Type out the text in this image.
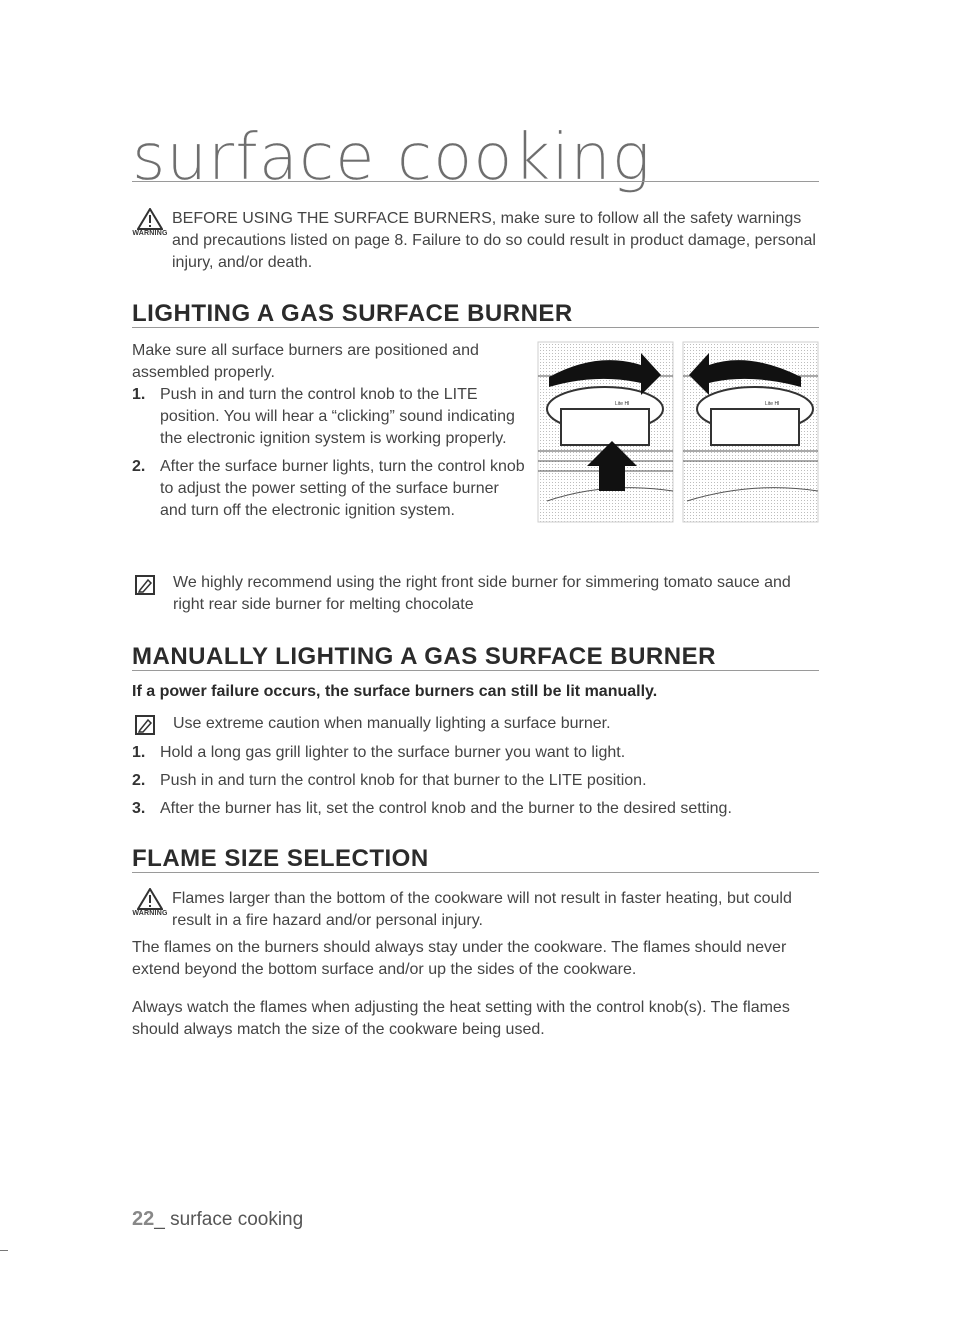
surface cooking
WARNING
BEFORE USING THE SURFACE BURNERS, make sure to follow all the safety warnings and precautions listed on page 8. Failure to do so could result in product damage, personal injury, and/or death.
LIGHTING A GAS SURFACE BURNER
Make sure all surface burners are positioned and assembled properly.
1. Push in and turn the control knob to the LITE position. You will hear a “clicking” sound indicating the electronic ignition system is working properly.
2. After the surface burner lights, turn the control knob to adjust the power setting of the surface burner and turn off the electronic ignition system.
Lite HI	Lite HI
We highly recommend using the right front side burner for simmering tomato sauce and right rear side burner for melting chocolate
MANUALLY LIGHTING A GAS SURFACE BURNER
If a power failure occurs, the surface burners can still be lit manually.
Use extreme caution when manually lighting a surface burner.
1. Hold a long gas grill lighter to the surface burner you want to light.
2. Push in and turn the control knob for that burner to the LITE position.
3. After the burner has lit, set the control knob and the burner to the desired setting.
FLAME SIZE SELECTION
WARNING
Flames larger than the bottom of the cookware will not result in faster heating, but could result in a fire hazard and/or personal injury.
The flames on the burners should always stay under the cookware. The flames should never extend beyond the bottom surface and/or up the sides of the cookware.
Always watch the flames when adjusting the heat setting with the control knob(s). The flames should always match the size of the cookware being used.
22_ surface cooking
